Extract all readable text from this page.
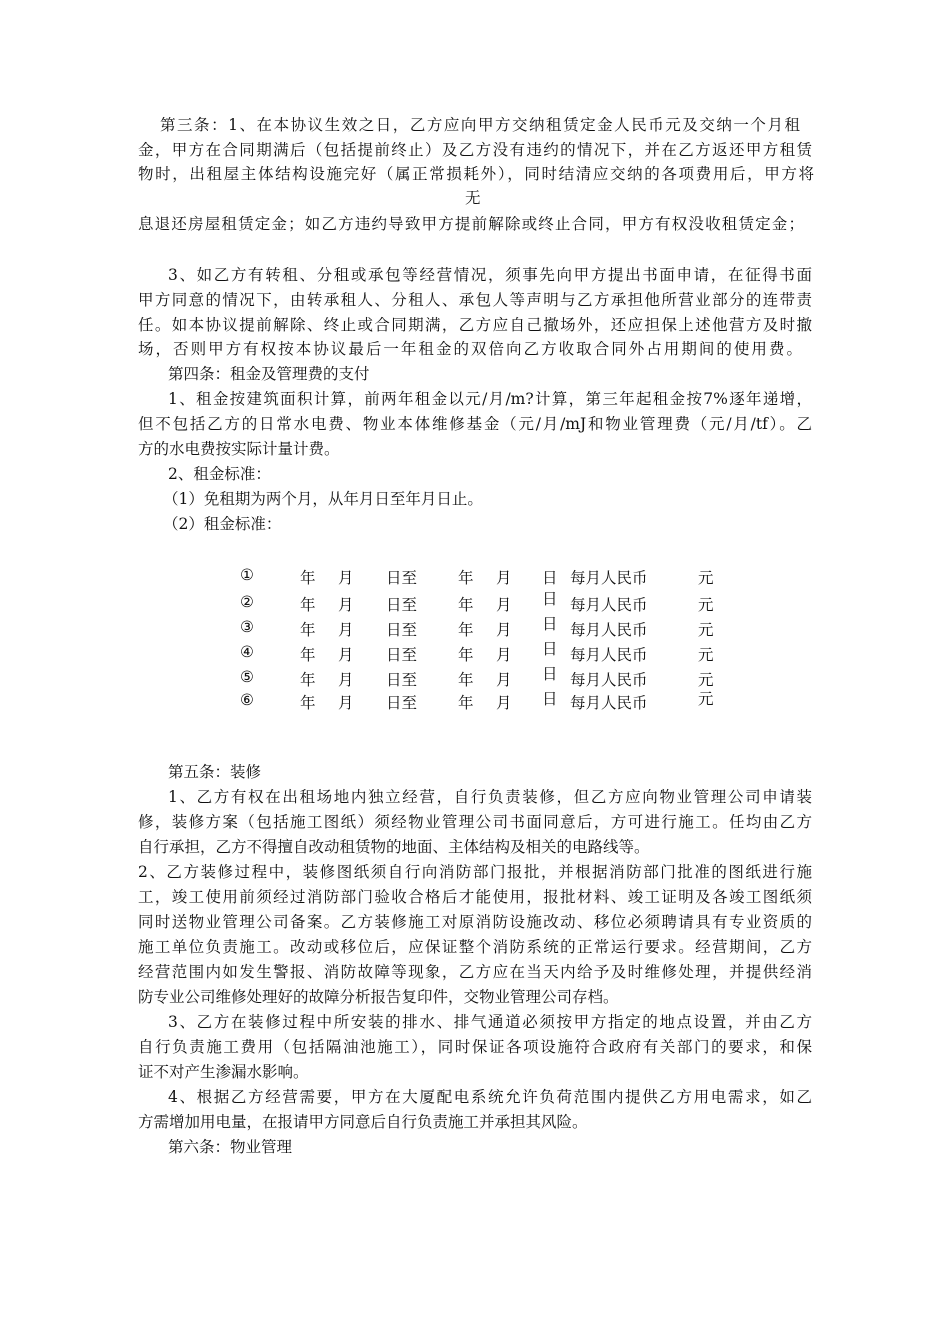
第三条：1、在本协议生效之日，乙方应向甲方交纳租赁定金人民币元及交纳一个月租
金，甲方在合同期满后（包括提前终止）及乙方没有违约的情况下，并在乙方返还甲方租赁
物时，出租屋主体结构设施完好（属正常损耗外），同时结清应交纳的各项费用后，甲方将
无
息退还房屋租赁定金；如乙方违约导致甲方提前解除或终止合同，甲方有权没收租赁定金；
3、如乙方有转租、分租或承包等经营情况，须事先向甲方提出书面申请，在征得书面
甲方同意的情况下，由转承租人、分租人、承包人等声明与乙方承担他所营业部分的连带责
任。如本协议提前解除、终止或合同期满，乙方应自己撤场外，还应担保上述他营方及时撤
场，否则甲方有权按本协议最后一年租金的双倍向乙方收取合同外占用期间的使用费。
第四条：租金及管理费的支付
1、租金按建筑面积计算，前两年租金以元/月/m?计算，第三年起租金按7%逐年递增，
但不包括乙方的日常水电费、物业本体维修基金（元/月/mJ和物业管理费（元/月/tf）。乙
方的水电费按实际计量计费。
2、租金标准：
（1）免租期为两个月，从年月日至年月日止。
（2）租金标准：
①	年 月 日至	年 月 日 每月人民币	元
②	年 月 日至	年 月 日 每月人民币	元
③	年 月 日至	年 月 日 每月人民币	元
④	年 月 日至	年 月 日 每月人民币	元
⑤	年 月 日至	年 月 日 每月人民币	元
⑥	年 月 日至	年 月 日 每月人民币	元
第五条：装修
1、乙方有权在出租场地内独立经营，自行负责装修，但乙方应向物业管理公司申请装
修，装修方案（包括施工图纸）须经物业管理公司书面同意后，方可进行施工。任均由乙方
自行承担，乙方不得擅自改动租赁物的地面、主体结构及相关的电路线等。
2、乙方装修过程中，装修图纸须自行向消防部门报批，并根据消防部门批准的图纸进行施
工，竣工使用前须经过消防部门验收合格后才能使用，报批材料、竣工证明及各竣工图纸须
同时送物业管理公司备案。乙方装修施工对原消防设施改动、移位必须聘请具有专业资质的
施工单位负责施工。改动或移位后，应保证整个消防系统的正常运行要求。经营期间，乙方
经营范围内如发生警报、消防故障等现象，乙方应在当天内给予及时维修处理，并提供经消
防专业公司维修处理好的故障分析报告复印件，交物业管理公司存档。
3、乙方在装修过程中所安装的排水、排气通道必须按甲方指定的地点设置，并由乙方
自行负责施工费用（包括隔油池施工），同时保证各项设施符合政府有关部门的要求，和保
证不对产生渗漏水影响。
4、根据乙方经营需要，甲方在大厦配电系统允许负荷范围内提供乙方用电需求，如乙
方需增加用电量，在报请甲方同意后自行负责施工并承担其风险。
第六条：物业管理
